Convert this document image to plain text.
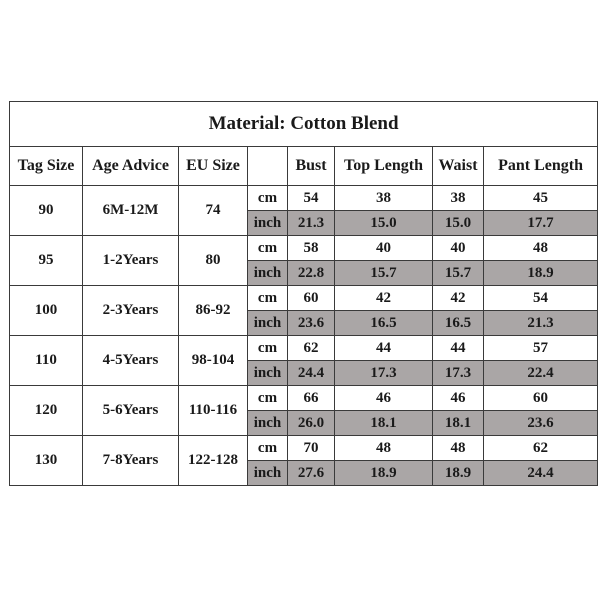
Material: Cotton Blend							
Tag Size	Age Advice	EU Size		Bust	Top Length	Waist	Pant Length
90	6M-12M	74	cm	54	38	38	45
			inch	21.3	15.0	15.0	17.7
95	1-2Years	80	cm	58	40	40	48
			inch	22.8	15.7	15.7	18.9
100	2-3Years	86-92	cm	60	42	42	54
			inch	23.6	16.5	16.5	21.3
110	4-5Years	98-104	cm	62	44	44	57
			inch	24.4	17.3	17.3	22.4
120	5-6Years	110-116	cm	66	46	46	60
			inch	26.0	18.1	18.1	23.6
130	7-8Years	122-128	cm	70	48	48	62
			inch	27.6	18.9	18.9	24.4
